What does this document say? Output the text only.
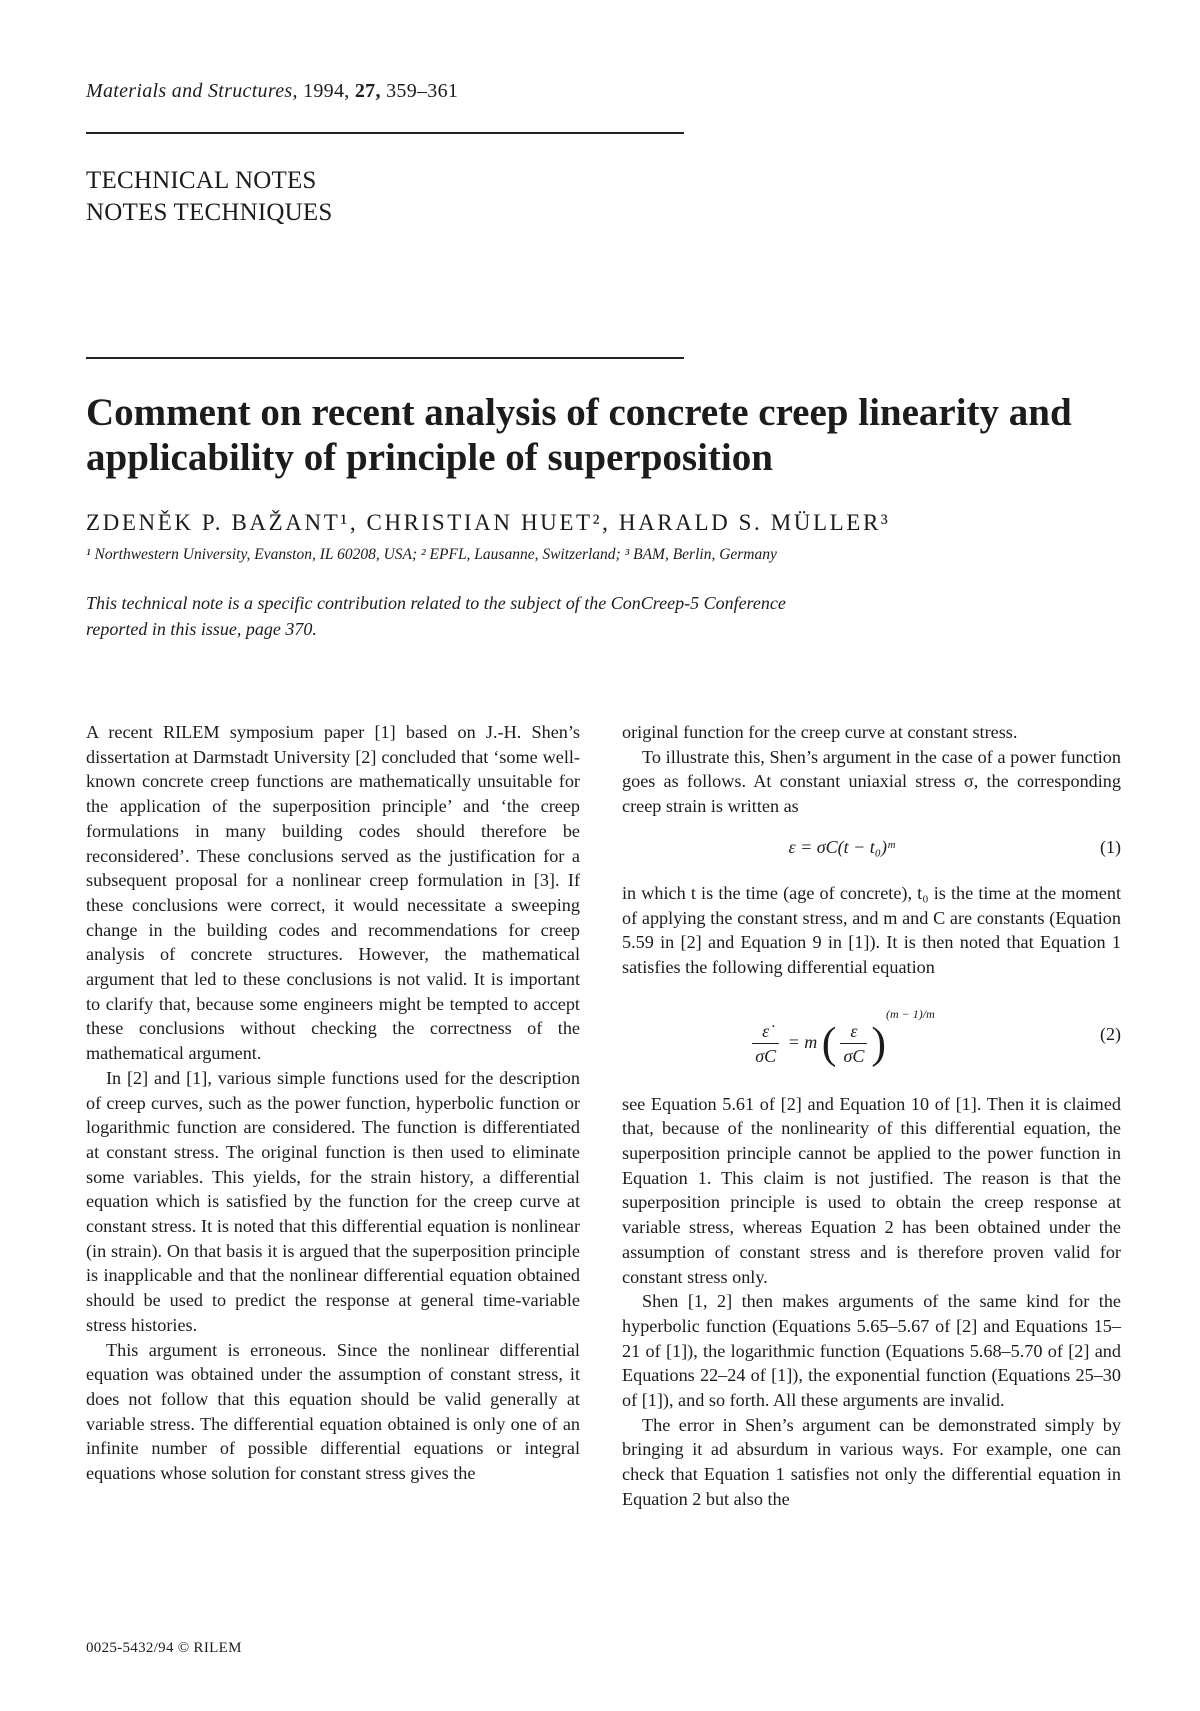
Materials and Structures, 1994, 27, 359–361
TECHNICAL NOTES
NOTES TECHNIQUES
Comment on recent analysis of concrete creep linearity and applicability of principle of superposition
ZDENĚK P. BAŽANT¹, CHRISTIAN HUET², HARALD S. MÜLLER³
¹ Northwestern University, Evanston, IL 60208, USA; ² EPFL, Lausanne, Switzerland; ³ BAM, Berlin, Germany
This technical note is a specific contribution related to the subject of the ConCreep-5 Conference reported in this issue, page 370.

A recent RILEM symposium paper [1] based on J.-H. Shen’s dissertation at Darmstadt University [2] concluded that ‘some well-known concrete creep functions are mathematically unsuitable for the application of the superposition principle’ and ‘the creep formulations in many building codes should therefore be reconsidered’. These conclusions served as the justification for a subsequent proposal for a nonlinear creep formulation in [3]. If these conclusions were correct, it would necessitate a sweeping change in the building codes and recommendations for creep analysis of concrete structures. However, the mathematical argument that led to these conclusions is not valid. It is important to clarify that, because some engineers might be tempted to accept these conclusions without checking the correctness of the mathematical argument.

In [2] and [1], various simple functions used for the description of creep curves, such as the power function, hyperbolic function or logarithmic function are considered. The function is differentiated at constant stress. The original function is then used to eliminate some variables. This yields, for the strain history, a differential equation which is satisfied by the function for the creep curve at constant stress. It is noted that this differential equation is nonlinear (in strain). On that basis it is argued that the superposition principle is inapplicable and that the nonlinear differential equation obtained should be used to predict the response at general time-variable stress histories.

This argument is erroneous. Since the nonlinear differential equation was obtained under the assumption of constant stress, it does not follow that this equation should be valid generally at variable stress. The differential equation obtained is only one of an infinite number of possible differential equations or integral equations whose solution for constant stress gives the

original function for the creep curve at constant stress.

To illustrate this, Shen’s argument in the case of a power function goes as follows. At constant uniaxial stress σ, the corresponding creep strain is written as

ε = σC(t − t₀)ᵐ	(1)

in which t is the time (age of concrete), t₀ is the time at the moment of applying the constant stress, and m and C are constants (Equation 5.59 in [2] and Equation 9 in [1]). It is then noted that Equation 1 satisfies the following differential equation

$\frac{\varepsiloṅ}{\sigma C} = m$ ( $\frac{\varepsilon}{\sigma C} )^{(m - 1)/m}$
(2)

see Equation 5.61 of [2] and Equation 10 of [1]. Then it is claimed that, because of the nonlinearity of this differential equation, the superposition principle cannot be applied to the power function in Equation 1. This claim is not justified. The reason is that the superposition principle is used to obtain the creep response at variable stress, whereas Equation 2 has been obtained under the assumption of constant stress and is therefore proven valid for constant stress only.

Shen [1, 2] then makes arguments of the same kind for the hyperbolic function (Equations 5.65–5.67 of [2] and Equations 15–21 of [1]), the logarithmic function (Equations 5.68–5.70 of [2] and Equations 22–24 of [1]), the exponential function (Equations 25–30 of [1]), and so forth. All these arguments are invalid.

The error in Shen’s argument can be demonstrated simply by bringing it ad absurdum in various ways. For example, one can check that Equation 1 satisfies not only the differential equation in Equation 2 but also the

0025-5432/94 © RILEM
